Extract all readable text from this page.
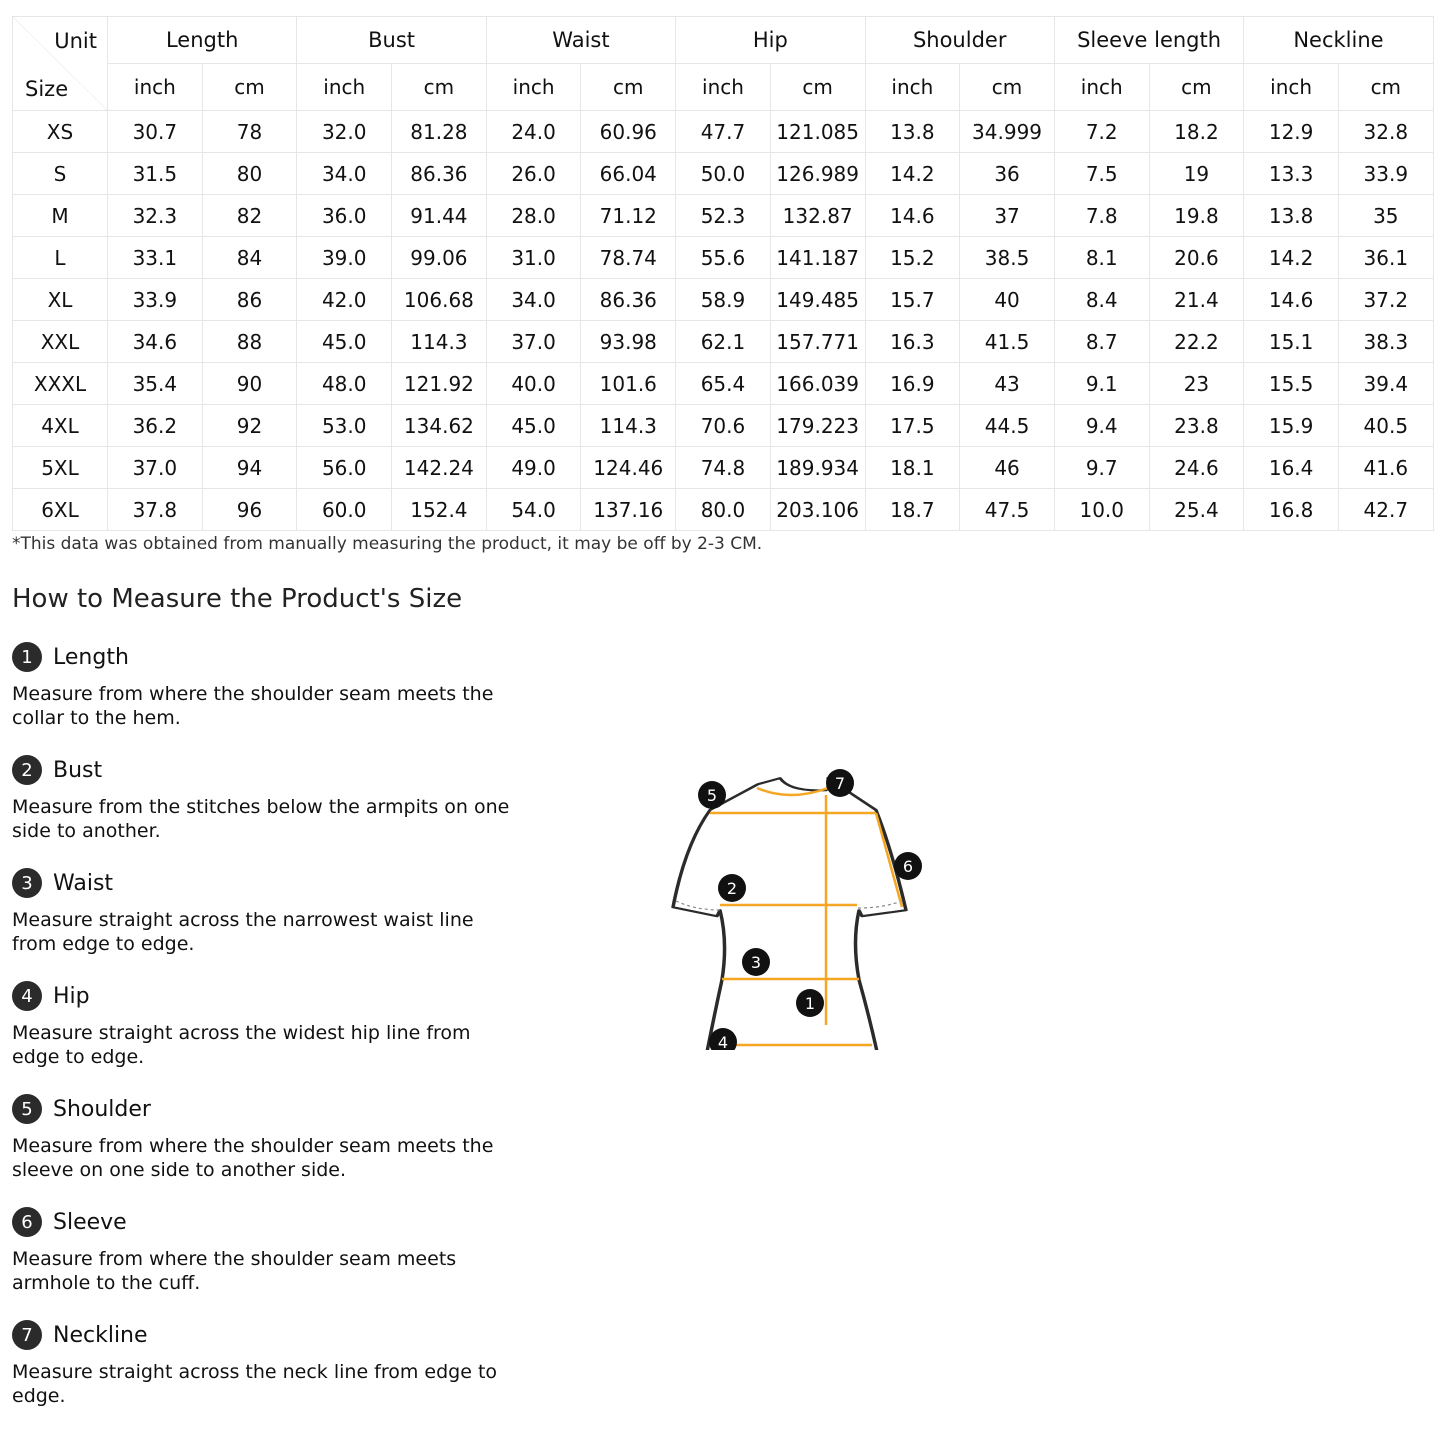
Unit
Size	Length		Bust		Waist		Hip		Shoulder		Sleeve length		Neckline	
	inch	cm	inch	cm	inch	cm	inch	cm	inch	cm	inch	cm	inch	cm
XS	30.7	78	32.0	81.28	24.0	60.96	47.7	121.085	13.8	34.999	7.2	18.2	12.9	32.8
S	31.5	80	34.0	86.36	26.0	66.04	50.0	126.989	14.2	36	7.5	19	13.3	33.9
M	32.3	82	36.0	91.44	28.0	71.12	52.3	132.87	14.6	37	7.8	19.8	13.8	35
L	33.1	84	39.0	99.06	31.0	78.74	55.6	141.187	15.2	38.5	8.1	20.6	14.2	36.1
XL	33.9	86	42.0	106.68	34.0	86.36	58.9	149.485	15.7	40	8.4	21.4	14.6	37.2
XXL	34.6	88	45.0	114.3	37.0	93.98	62.1	157.771	16.3	41.5	8.7	22.2	15.1	38.3
XXXL	35.4	90	48.0	121.92	40.0	101.6	65.4	166.039	16.9	43	9.1	23	15.5	39.4
4XL	36.2	92	53.0	134.62	45.0	114.3	70.6	179.223	17.5	44.5	9.4	23.8	15.9	40.5
5XL	37.0	94	56.0	142.24	49.0	124.46	74.8	189.934	18.1	46	9.7	24.6	16.4	41.6
6XL	37.8	96	60.0	152.4	54.0	137.16	80.0	203.106	18.7	47.5	10.0	25.4	16.8	42.7
*This data was obtained from manually measuring the product, it may be off by 2-3 CM.
How to Measure the Product's Size
1 Length
Measure from where the shoulder seam meets the collar to the hem.
2 Bust
Measure from the stitches below the armpits on one side to another.
3 Waist
Measure straight across the narrowest waist line from edge to edge.
4 Hip
Measure straight across the widest hip line from edge to edge.
5 Shoulder
Measure from where the shoulder seam meets the sleeve on one side to another side.
6 Sleeve
Measure from where the shoulder seam meets armhole to the cuff.
7 Neckline
Measure straight across the neck line from edge to edge.
1
2
3
4
5
6
7
